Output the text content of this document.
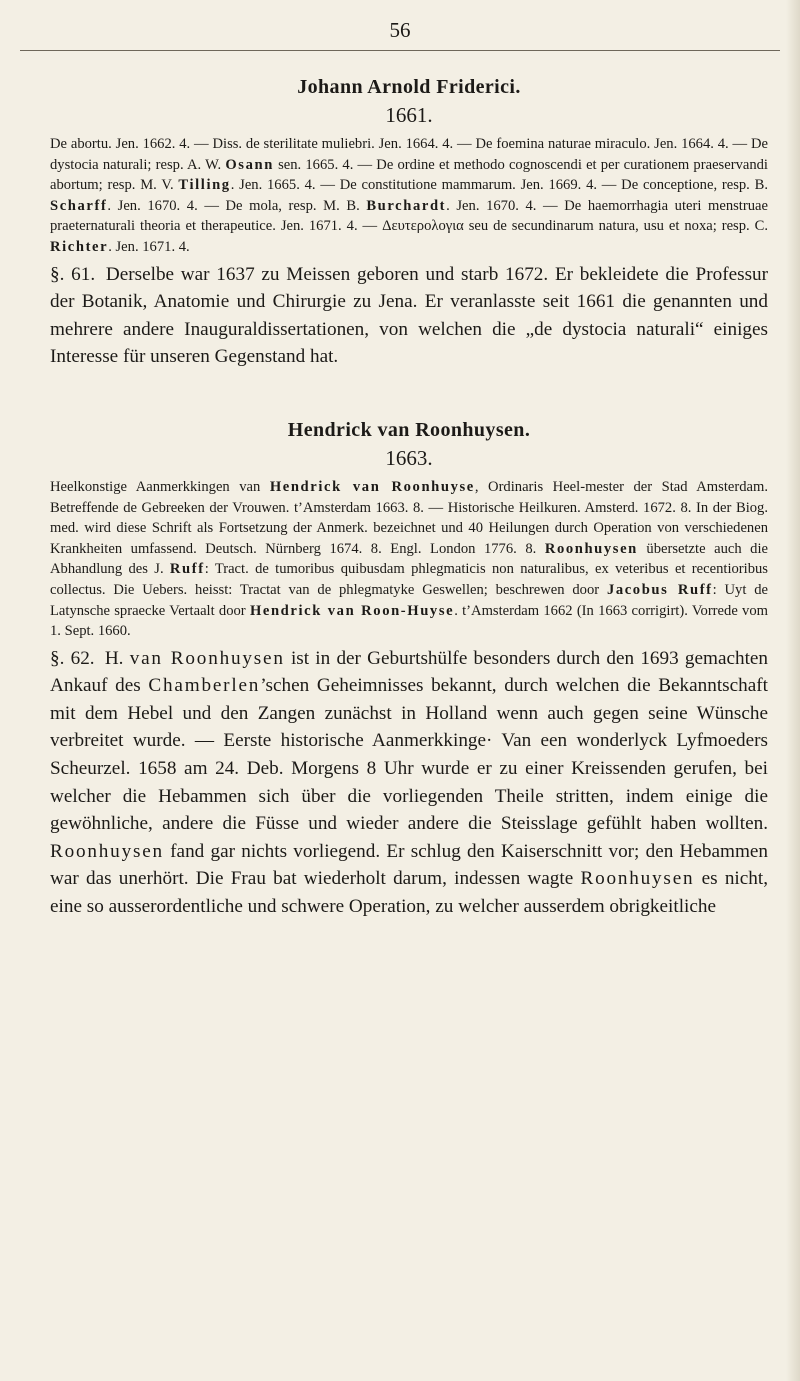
56
Johann Arnold Friderici.
1661.

De abortu. Jen. 1662. 4. — Diss. de sterilitate muliebri. Jen. 1664. 4. — De foemina naturae miraculo. Jen. 1664. 4. — De dystocia naturali; resp. A. W. Osann sen. 1665. 4. — De ordine et methodo cognoscendi et per curationem praeservandi abortum; resp. M. V. Tilling. Jen. 1665. 4. — De constitutione mammarum. Jen. 1669. 4. — De conceptione, resp. B. Scharff. Jen. 1670. 4. — De mola, resp. M. B. Burchardt. Jen. 1670. 4. — De haemorrhagia uteri menstruae praeternaturali theoria et therapeutice. Jen. 1671. 4. — Δευτερολογια seu de secundinarum natura, usu et noxa; resp. C. Richter. Jen. 1671. 4.

§. 61. Derselbe war 1637 zu Meissen geboren und starb 1672. Er bekleidete die Professur der Botanik, Anatomie und Chirurgie zu Jena. Er veranlasste seit 1661 die genannten und mehrere andere Inauguraldissertationen, von welchen die „de dystocia naturali“ einiges Interesse für unseren Gegenstand hat.

Hendrick van Roonhuysen.
1663.

Heelkonstige Aanmerkkingen van Hendrick van Roonhuyse, Ordinaris Heel-mester der Stad Amsterdam. Betreffende de Gebreeken der Vrouwen. t’Amsterdam 1663. 8. — Historische Heilkuren. Amsterd. 1672. 8. In der Biog. med. wird diese Schrift als Fortsetzung der Anmerk. bezeichnet und 40 Heilungen durch Operation von verschiedenen Krankheiten umfassend. Deutsch. Nürnberg 1674. 8. Engl. London 1776. 8. Roonhuysen übersetzte auch die Abhandlung des J. Ruff: Tract. de tumoribus quibusdam phlegmaticis non naturalibus, ex veteribus et recentioribus collectus. Die Uebers. heisst: Tractat van de phlegmatyke Geswellen; beschrewen door Jacobus Ruff: Uyt de Latynsche spraecke Vertaalt door Hendrick van Roon-Huyse. t’Amsterdam 1662 (In 1663 corrigirt). Vorrede vom 1. Sept. 1660.

§. 62. H. van Roonhuysen ist in der Geburtshülfe besonders durch den 1693 gemachten Ankauf des Chamberlen’schen Geheimnisses bekannt, durch welchen die Bekanntschaft mit dem Hebel und den Zangen zunächst in Holland wenn auch gegen seine Wünsche verbreitet wurde. — Eerste historische Aanmerkkinge· Van een wonderlyck Lyfmoeders Scheurzel. 1658 am 24. Deb. Morgens 8 Uhr wurde er zu einer Kreissenden gerufen, bei welcher die Hebammen sich über die vorliegenden Theile stritten, indem einige die gewöhnliche, andere die Füsse und wieder andere die Steisslage gefühlt haben wollten. Roonhuysen fand gar nichts vorliegend. Er schlug den Kaiserschnitt vor; den Hebammen war das unerhört. Die Frau bat wiederholt darum, indessen wagte Roonhuysen es nicht, eine so ausserordentliche und schwere Operation, zu welcher ausserdem obrigkeitliche
